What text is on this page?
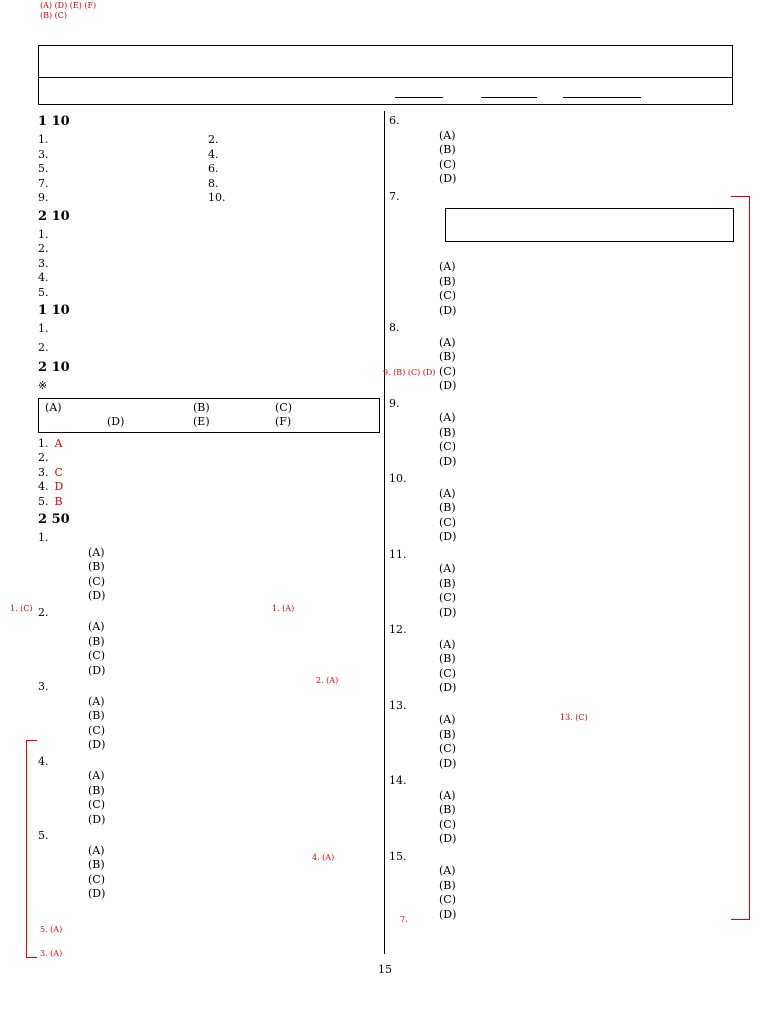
(A) (D) (E) (F)
(B) (C)
1 10
1.	2.
3.	4.
5.	6.
7.	8.
9.	10.
2 10
1.
2.
3.
4.
5.
1 10
1.
2.
2 10
※
(A)	(B)	(C)
(D)	(E)	(F)
1. A
2.
3. C
4. D
5. B
2 50
1.
(A)
(B)
(C)
(D)
2.
(A)
(B)
(C)
(D)
3.
(A)
(B)
(C)
(D)
4.
(A)
(B)
(C)
(D)
5.
(A)
(B)
(C)
(D)
6.
(A)
(B)
(C)
(D)
7.
(A)
(B)
(C)
(D)
8.
(A)
(B)
(C)
(D)
9.
(A)
(B)
(C)
(D)
10.
(A)
(B)
(C)
(D)
11.
(A)
(B)
(C)
(D)
12.
(A)
(B)
(C)
(D)
13.
(A)
(B)
(C)
(D)
14.
(A)
(B)
(C)
(D)
15.
(A)
(B)
(C)
(D)
1. (C)	1. (A)
2. (A)
4. (A)
5. (A)
3. (A)
9. (B) (C) (D)
13. (C)
7.
15
